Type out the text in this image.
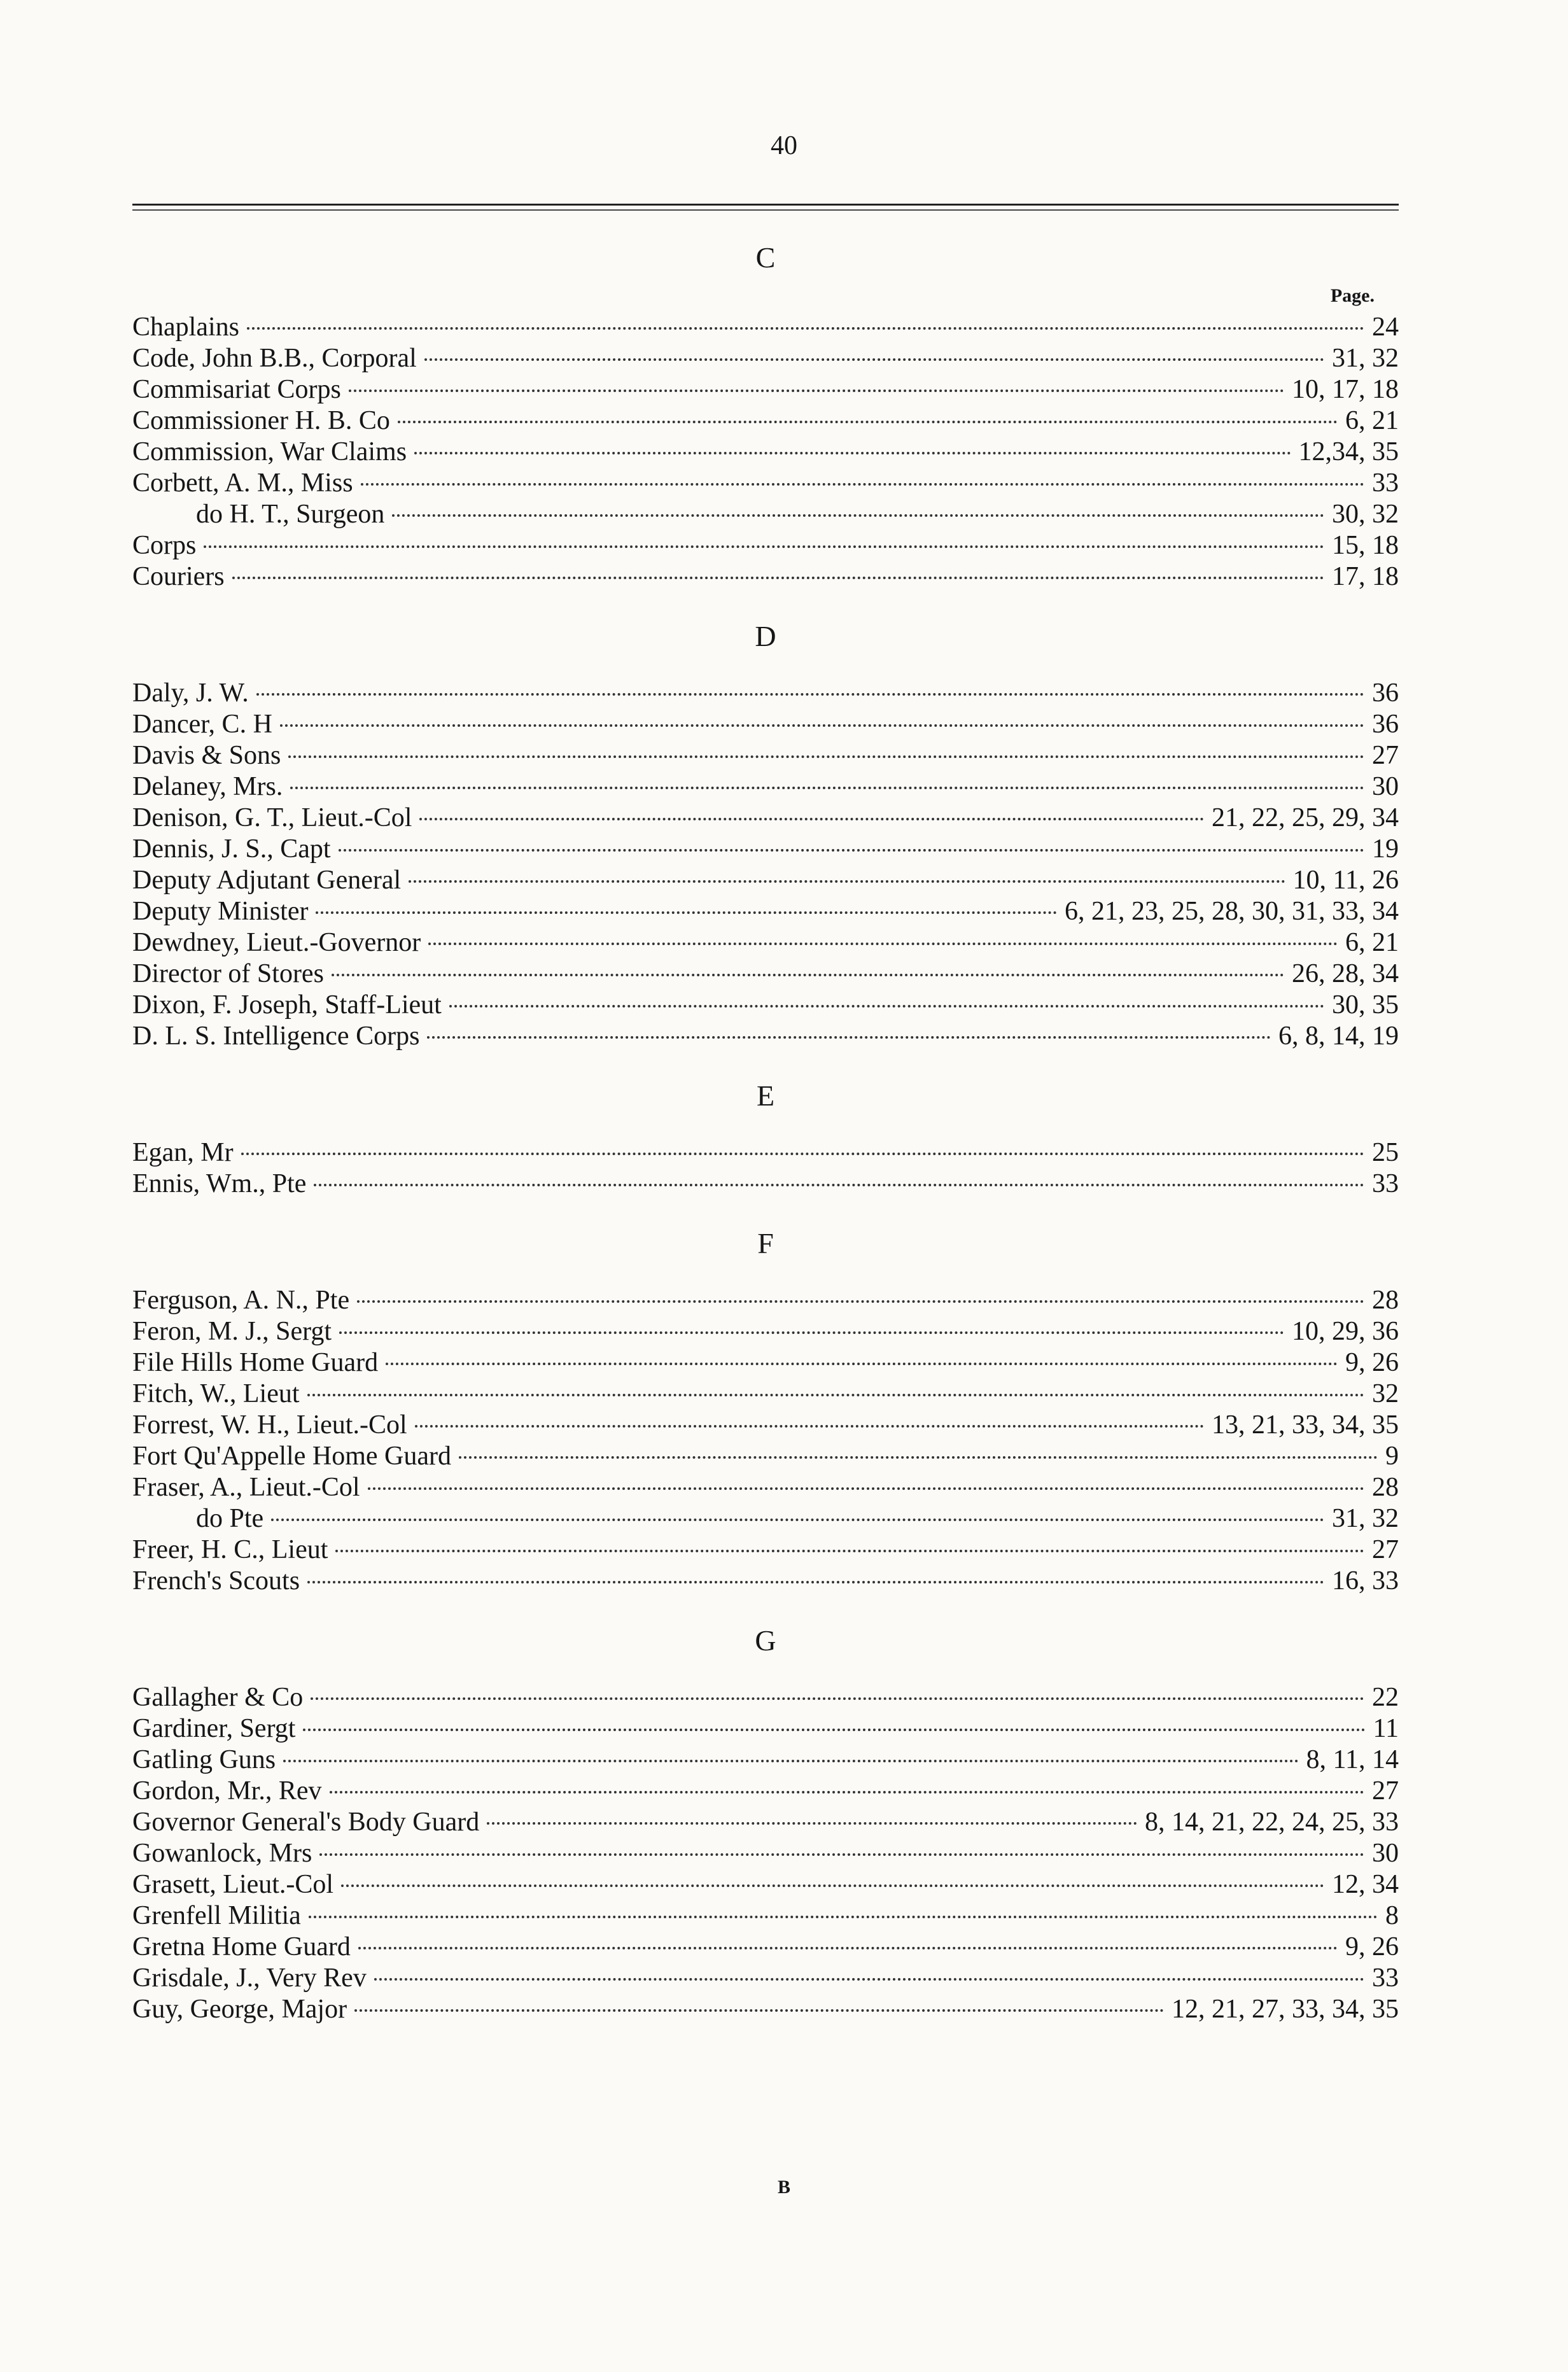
40
C
Page.
Chaplains	24
Code, John B.B., Corporal	31, 32
Commisariat Corps	10, 17, 18
Commissioner H. B. Co	6, 21
Commission, War Claims	12,34, 35
Corbett, A. M., Miss	33
do H. T., Surgeon	30, 32
Corps	15, 18
Couriers	17, 18
D
Daly, J. W.	36
Dancer, C. H	36
Davis & Sons	27
Delaney, Mrs.	30
Denison, G. T., Lieut.-Col	21, 22, 25, 29, 34
Dennis, J. S., Capt	19
Deputy Adjutant General	10, 11, 26
Deputy Minister	6, 21, 23, 25, 28, 30, 31, 33, 34
Dewdney, Lieut.-Governor	6, 21
Director of Stores	26, 28, 34
Dixon, F. Joseph, Staff-Lieut	30, 35
D. L. S. Intelligence Corps	6, 8, 14, 19
E
Egan, Mr	25
Ennis, Wm., Pte	33
F
Ferguson, A. N., Pte	28
Feron, M. J., Sergt	10, 29, 36
File Hills Home Guard	9, 26
Fitch, W., Lieut	32
Forrest, W. H., Lieut.-Col	13, 21, 33, 34, 35
Fort Qu'Appelle Home Guard	9
Fraser, A., Lieut.-Col	28
do Pte	31, 32
Freer, H. C., Lieut	27
French's Scouts	16, 33
G
Gallagher & Co	22
Gardiner, Sergt	11
Gatling Guns	8, 11, 14
Gordon, Mr., Rev	27
Governor General's Body Guard	8, 14, 21, 22, 24, 25, 33
Gowanlock, Mrs	30
Grasett, Lieut.-Col	12, 34
Grenfell Militia	8
Gretna Home Guard	9, 26
Grisdale, J., Very Rev	33
Guy, George, Major	12, 21, 27, 33, 34, 35
B
